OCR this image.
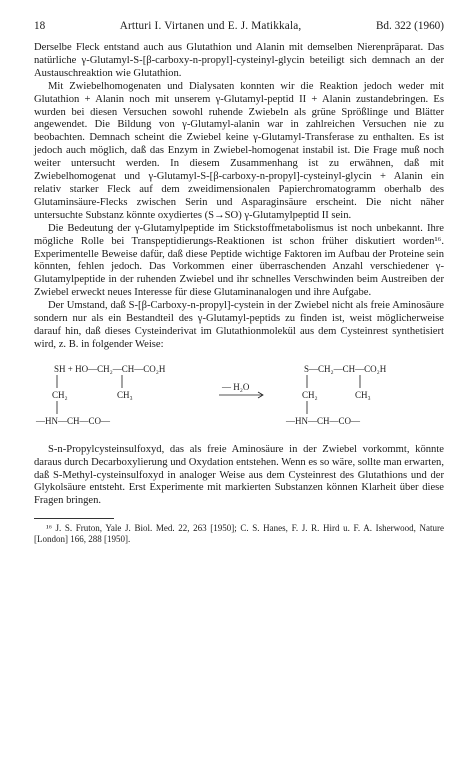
18	Artturi I. Virtanen und E. J. Matikkala,	Bd. 322 (1960)

Derselbe Fleck entstand auch aus Glutathion und Alanin mit demselben Nierenpräparat. Das natürliche γ-Glutamyl-S-[β-carboxy-n-propyl]-cysteinyl-glycin beteiligt sich demnach an der Austauschreaktion wie Glutathion.

Mit Zwiebelhomogenaten und Dialysaten konnten wir die Reaktion jedoch weder mit Glutathion + Alanin noch mit unserem γ-Glutamyl-peptid II + Alanin zustandebringen. Es wurden bei diesen Versuchen sowohl ruhende Zwiebeln als grüne Sprößlinge und Blätter angewendet. Die Bildung von γ-Glutamyl-alanin war in zahlreichen Versuchen nie zu beobachten. Demnach scheint die Zwiebel keine γ-Glutamyl-Transferase zu enthalten. Es ist jedoch auch möglich, daß das Enzym in Zwiebel-homogenat instabil ist. Die Frage muß noch weiter untersucht werden. In diesem Zusammenhang ist zu erwähnen, daß mit Zwiebelhomogenat und γ-Glutamyl-S-[β-carboxy-n-propyl]-cysteinyl-glycin + Alanin ein relativ starker Fleck auf dem zweidimensionalen Papierchromatogramm oberhalb des Glutaminsäure-Flecks zwischen Serin und Asparaginsäure erscheint. Die nicht näher untersuchte Substanz könnte oxydiertes (S→SO) γ-Glutamylpeptid II sein.

Die Bedeutung der γ-Glutamylpeptide im Stickstoffmetabolismus ist noch unbekannt. Ihre mögliche Rolle bei Transpeptidierungs-Reaktionen ist schon früher diskutiert worden¹⁶. Experimentelle Beweise dafür, daß diese Peptide wichtige Faktoren im Aufbau der Proteine sein könnten, fehlen jedoch. Das Vorkommen einer überraschenden Anzahl verschiedener γ-Glutamylpeptide in der ruhenden Zwiebel und ihr schnelles Verschwinden beim Austreiben der Zwiebel erweckt neues Interesse für diese Glutaminanalogen und ihre Aufgabe.

Der Umstand, daß S-[β-Carboxy-n-propyl]-cystein in der Zwiebel nicht als freie Aminosäure sondern nur als ein Bestandteil des γ-Glutamyl-peptids zu finden ist, weist möglicherweise darauf hin, daß dieses Cysteinderivat im Glutathionmolekül aus dem Cysteinrest synthetisiert wird, z. B. in folgender Weise:

SH + HO—CH₂—CH—CO₂H
CH₂	CH₃
—HN—CH—CO—
— H₂O
S—CH₂—CH—CO₂H
CH₂	CH₃
—HN—CH—CO—

S-n-Propylcysteinsulfoxyd, das als freie Aminosäure in der Zwiebel vorkommt, könnte daraus durch Decarboxylierung und Oxydation entstehen. Wenn es so wäre, sollte man erwarten, daß S-Methyl-cysteinsulfoxyd in analoger Weise aus dem Cysteinrest des Glutathions und der Glykolsäure entsteht. Erst Experimente mit markierten Substanzen können Klarheit über diese Fragen bringen.

¹⁶ J. S. Fruton, Yale J. Biol. Med. 22, 263 [1950]; C. S. Hanes, F. J. R. Hird u. F. A. Isherwood, Nature [London] 166, 288 [1950].
